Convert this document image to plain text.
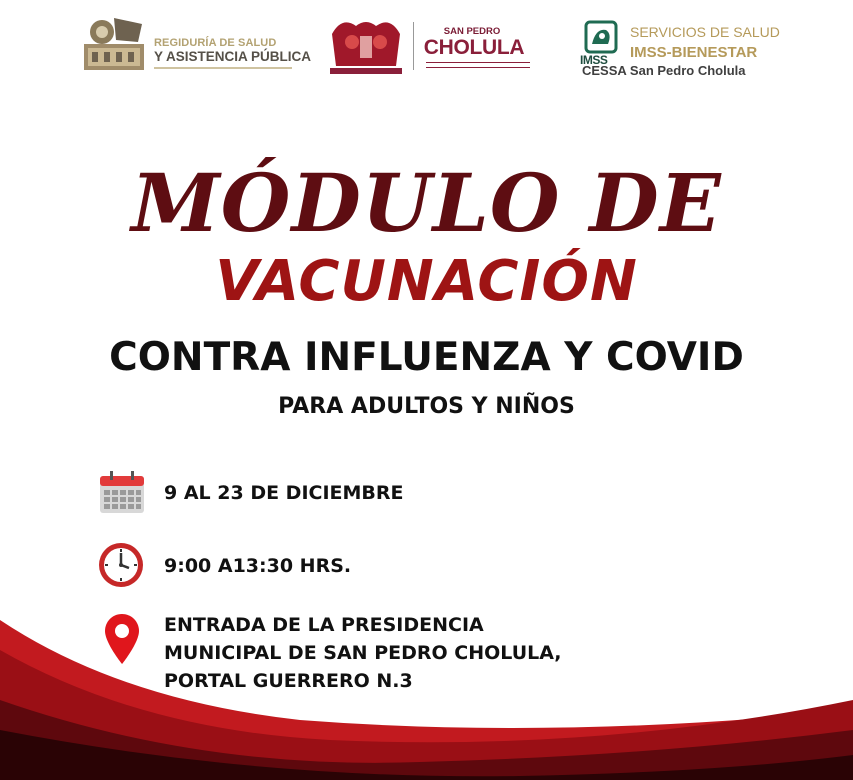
REGIDURÍA DE SALUD
Y ASISTENCIA PÚBLICA
SAN PEDRO
CHOLULA
IMSS
SERVICIOS DE SALUD
IMSS-BIENESTAR
CESSA San Pedro Cholula
MÓDULO DE
VACUNACIÓN
CONTRA INFLUENZA Y COVID
PARA ADULTOS Y NIÑOS
9 AL 23 DE DICIEMBRE
9:00 A13:30 HRS.
ENTRADA DE LA PRESIDENCIA
MUNICIPAL DE SAN PEDRO CHOLULA,
PORTAL GUERRERO N.3
